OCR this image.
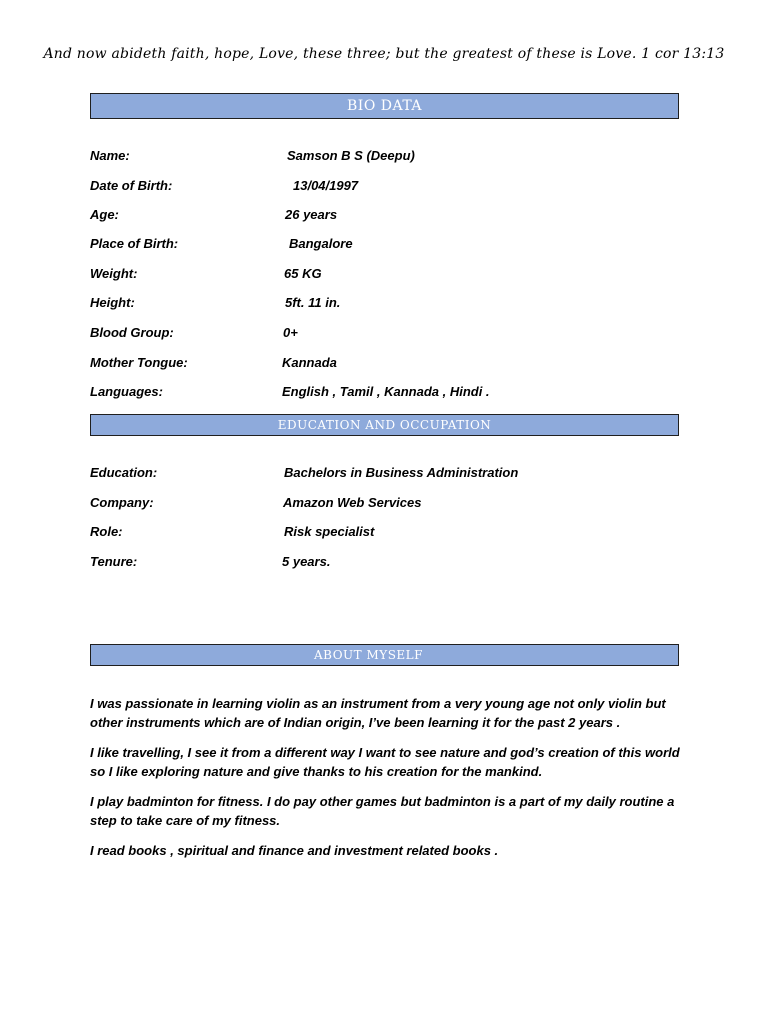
And now abideth faith, hope, Love, these three; but the greatest of these is Love. 1 cor 13:13
BIO DATA
Name:	Samson B S (Deepu)
Date of Birth:	13/04/1997
Age:	26 years
Place of Birth:	Bangalore
Weight:	65 KG
Height:	5ft. 11 in.
Blood Group:	0+
Mother Tongue:	Kannada
Languages:	English , Tamil , Kannada , Hindi .
EDUCATION AND OCCUPATION
Education:	Bachelors in Business Administration
Company:	Amazon Web Services
Role:	Risk specialist
Tenure:	5 years.
ABOUT MYSELF
I was passionate in learning violin as an instrument from a very young age not only violin but other instruments which are of Indian origin, I’ve been learning it for the past 2 years .
I like travelling, I see it from a different way I want to see nature and god’s creation of this world so I like exploring nature and give thanks to his creation for the mankind.
I play badminton for fitness. I do pay other games but badminton is a part of my daily routine a step to take care of my fitness.
I read books , spiritual and finance and investment related books .
